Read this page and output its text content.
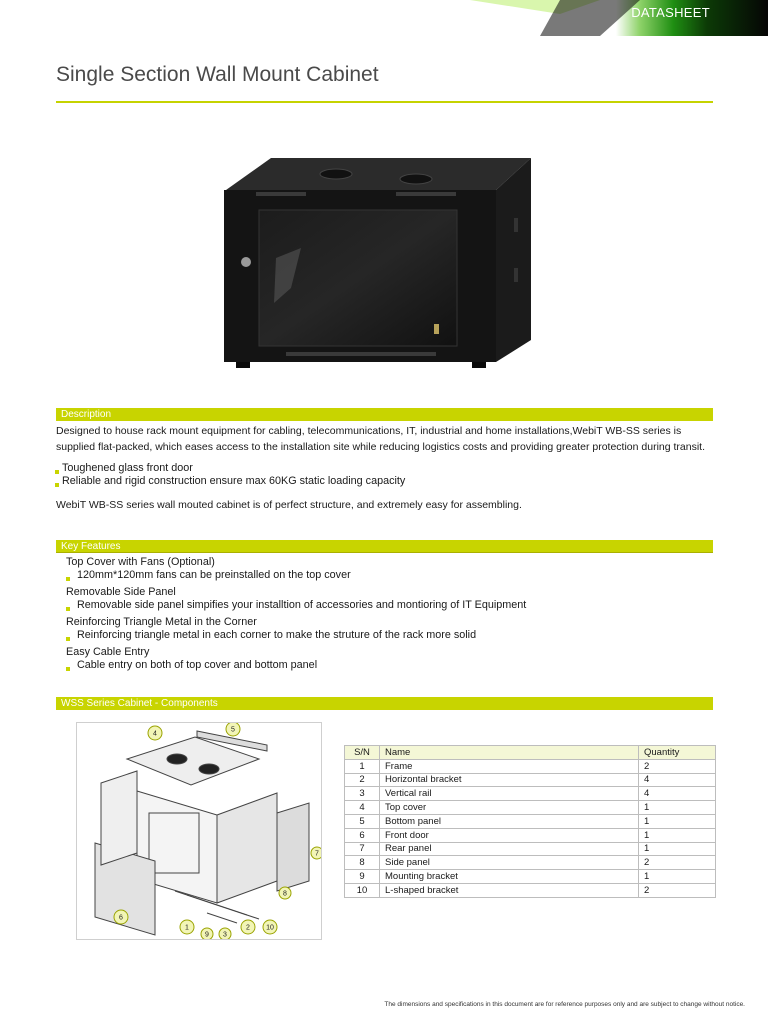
DATASHEET
Single Section Wall Mount Cabinet
Description

Designed to house rack mount equipment for cabling, telecommunications, IT, industrial and home installations,WebiT WB-SS series is supplied flat-packed, which eases access to the installation site while reducing logistics costs and providing greater protection during transit.

Toughened glass front door
Reliable and rigid construction ensure max 60KG static loading capacity

WebiT WB-SS series wall mouted cabinet is of perfect structure, and extremely easy for assembling.

Key Features
Top Cover with Fans (Optional)
120mm*120mm fans can be preinstalled on the top cover
Removable Side Panel
Removable side panel simpifies your installtion of accessories and montioring of IT Equipment
Reinforcing Triangle Metal in the Corner
Reinforcing triangle metal in each corner to make the struture of the rack more solid
Easy Cable Entry
Cable entry on both of top cover and bottom panel
WSS Series Cabinet - Components
4
5
7
8
6
1
9 3
2 10
S/N	Name	Quantity
1	Frame	2
2	Horizontal bracket	4
3	Vertical rail	4
4	Top cover	1
5	Bottom panel	1
6	Front door	1
7	Rear panel	1
8	Side panel	2
9	Mounting bracket	1
10	L-shaped bracket	2
The dimensions and specifications in this document are for reference purposes only and are subject to change without notice.
